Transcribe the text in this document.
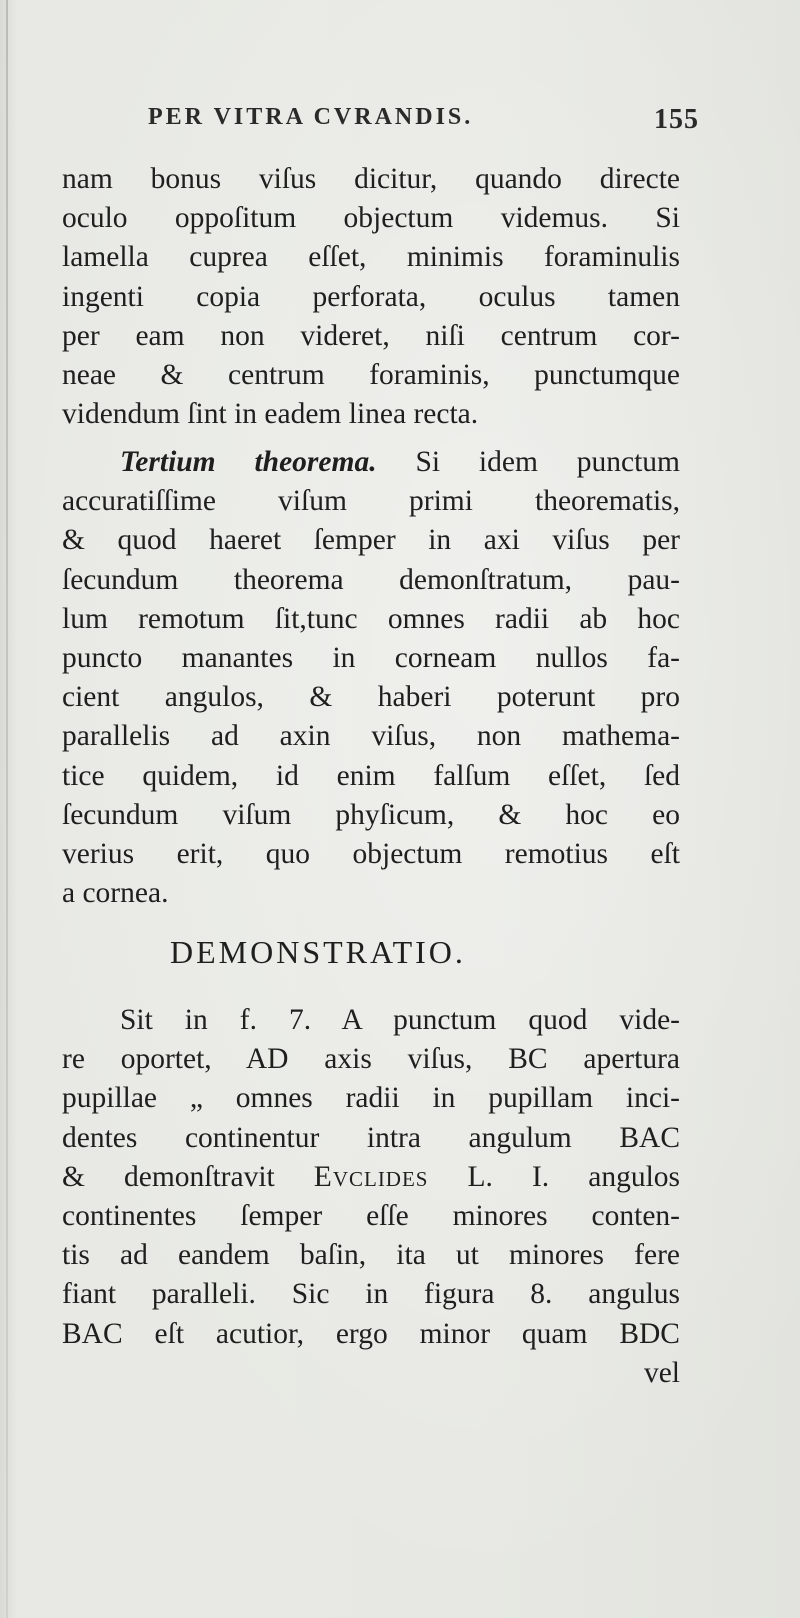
PER VITRA CVRANDIS.	155
nam bonus viſus dicitur, quando directe
oculo oppoſitum objectum videmus. Si
lamella cuprea eſſet, minimis foraminulis
ingenti copia perforata, oculus tamen
per eam non videret, niſi centrum cor-
neae & centrum foraminis, punctumque
videndum ſint in eadem linea recta.
Tertium theorema. Si idem punctum
accuratiſſime viſum primi theorematis,
& quod haeret ſemper in axi viſus per
ſecundum theorema demonſtratum, pau-
lum remotum ſit,tunc omnes radii ab hoc
puncto manantes in corneam nullos fa-
cient angulos, & haberi poterunt pro
parallelis ad axin viſus, non mathema-
tice quidem, id enim falſum eſſet, ſed
ſecundum viſum phyſicum, & hoc eo
verius erit, quo objectum remotius eſt
a cornea.
DEMONSTRATIO.
Sit in f. 7. A punctum quod vide-
re oportet, AD axis viſus, BC apertura
pupillae „ omnes radii in pupillam inci-
dentes continentur intra angulum BAC
& demonſtravit Evclides L. I. angulos
continentes ſemper eſſe minores conten-
tis ad eandem baſin, ita ut minores fere
fiant paralleli. Sic in figura 8. angulus
BAC eſt acutior, ergo minor quam BDC
vel
